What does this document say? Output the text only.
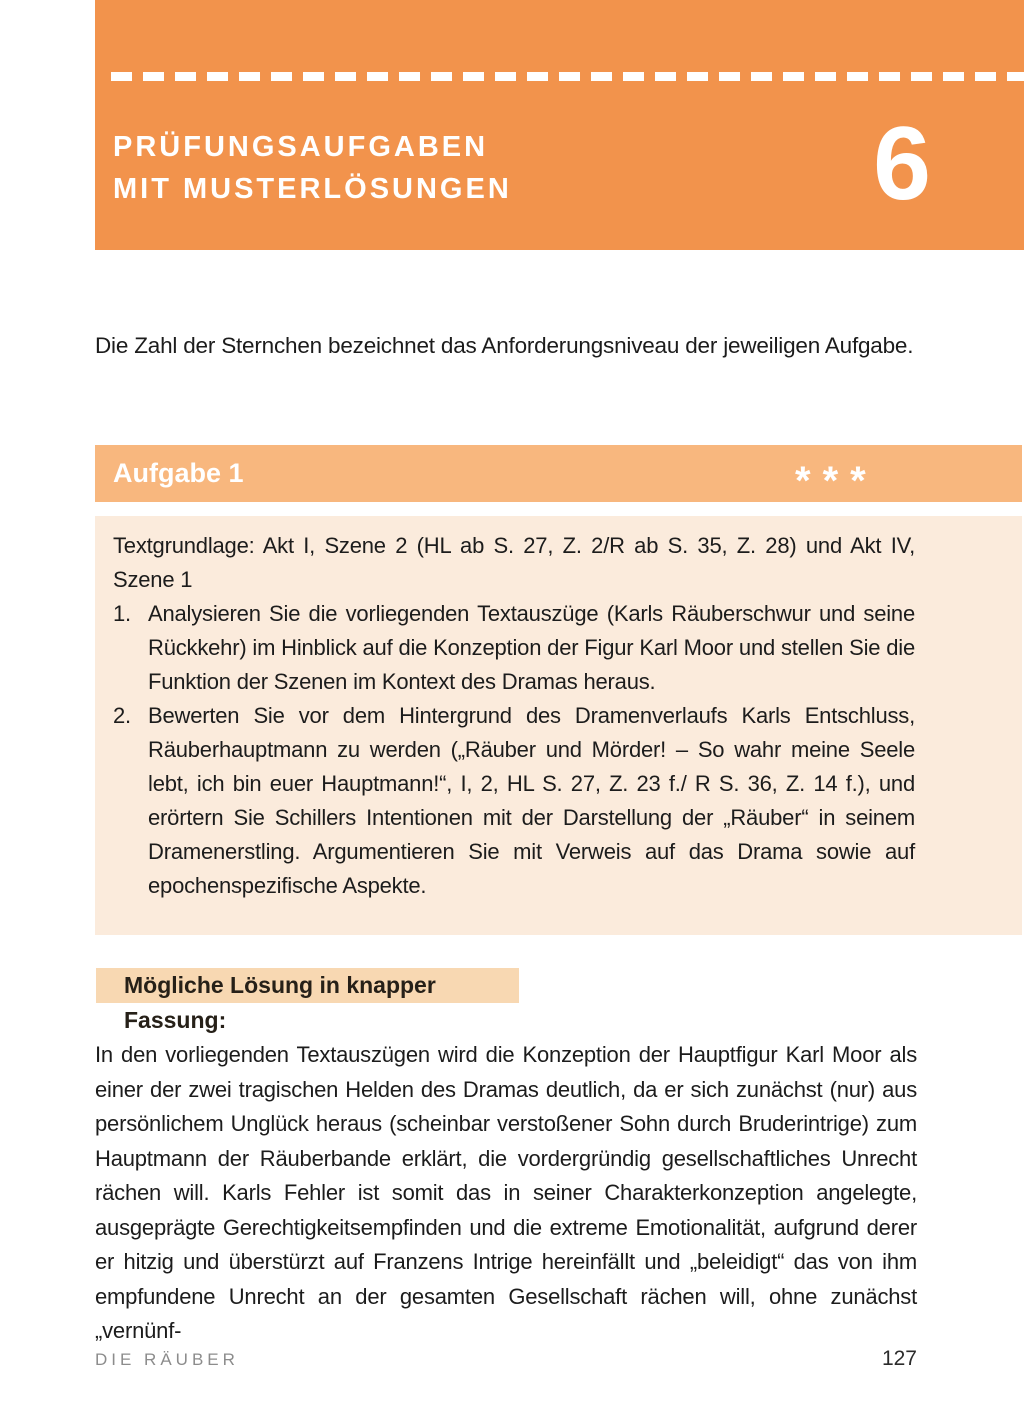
PRÜFUNGSAUFGABEN
MIT MUSTERLÖSUNGEN	6

Die Zahl der Sternchen bezeichnet das Anforderungsniveau der jeweiligen Aufgabe.

Aufgabe 1	***
Textgrundlage: Akt I, Szene 2 (HL ab S. 27, Z. 2/R ab S. 35, Z. 28) und Akt IV, Szene 1
1. Analysieren Sie die vorliegenden Textauszüge (Karls Räuberschwur und seine Rückkehr) im Hinblick auf die Konzeption der Figur Karl Moor und stellen Sie die Funktion der Szenen im Kontext des Dramas heraus.
2. Bewerten Sie vor dem Hintergrund des Dramenverlaufs Karls Entschluss, Räuberhauptmann zu werden („Räuber und Mörder! – So wahr meine Seele lebt, ich bin euer Hauptmann!“, I, 2, HL S. 27, Z. 23 f./ R S. 36, Z. 14 f.), und erörtern Sie Schillers Intentionen mit der Darstellung der „Räuber“ in seinem Dramenerstling. Argumentieren Sie mit Verweis auf das Drama sowie auf epochenspezifische Aspekte.
Mögliche Lösung in knapper Fassung:

In den vorliegenden Textauszügen wird die Konzeption der Hauptfigur Karl Moor als einer der zwei tragischen Helden des Dramas deutlich, da er sich zunächst (nur) aus persönlichem Unglück heraus (scheinbar verstoßener Sohn durch Bruderintrige) zum Hauptmann der Räuberbande erklärt, die vordergründig gesellschaftliches Unrecht rächen will. Karls Fehler ist somit das in seiner Charakterkonzeption angelegte, ausgeprägte Gerechtigkeitsempfinden und die extreme Emotionalität, aufgrund derer er hitzig und überstürzt auf Franzens Intrige hereinfällt und „beleidigt“ das von ihm empfundene Unrecht an der gesamten Gesellschaft rächen will, ohne zunächst „vernünf-

DIE RÄUBER	127
